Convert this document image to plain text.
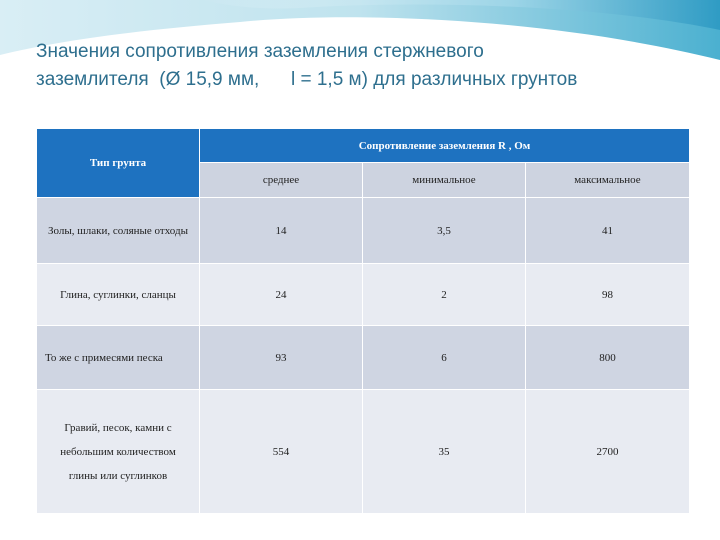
Значения сопротивления заземления стержневого
заземлителя  (Ø 15,9 мм,      l = 1,5 м) для различных грунтов
Тип грунта	Сопротивление заземления R , Ом		
	среднее	минимальное	максимальное
Золы, шлаки, соляные отходы	14	3,5	41
Глина, суглинки, сланцы	24	2	98
То же с примесями песка	93	6	800
Гравий, песок, камни с небольшим количеством глины или суглинков	554	35	2700
